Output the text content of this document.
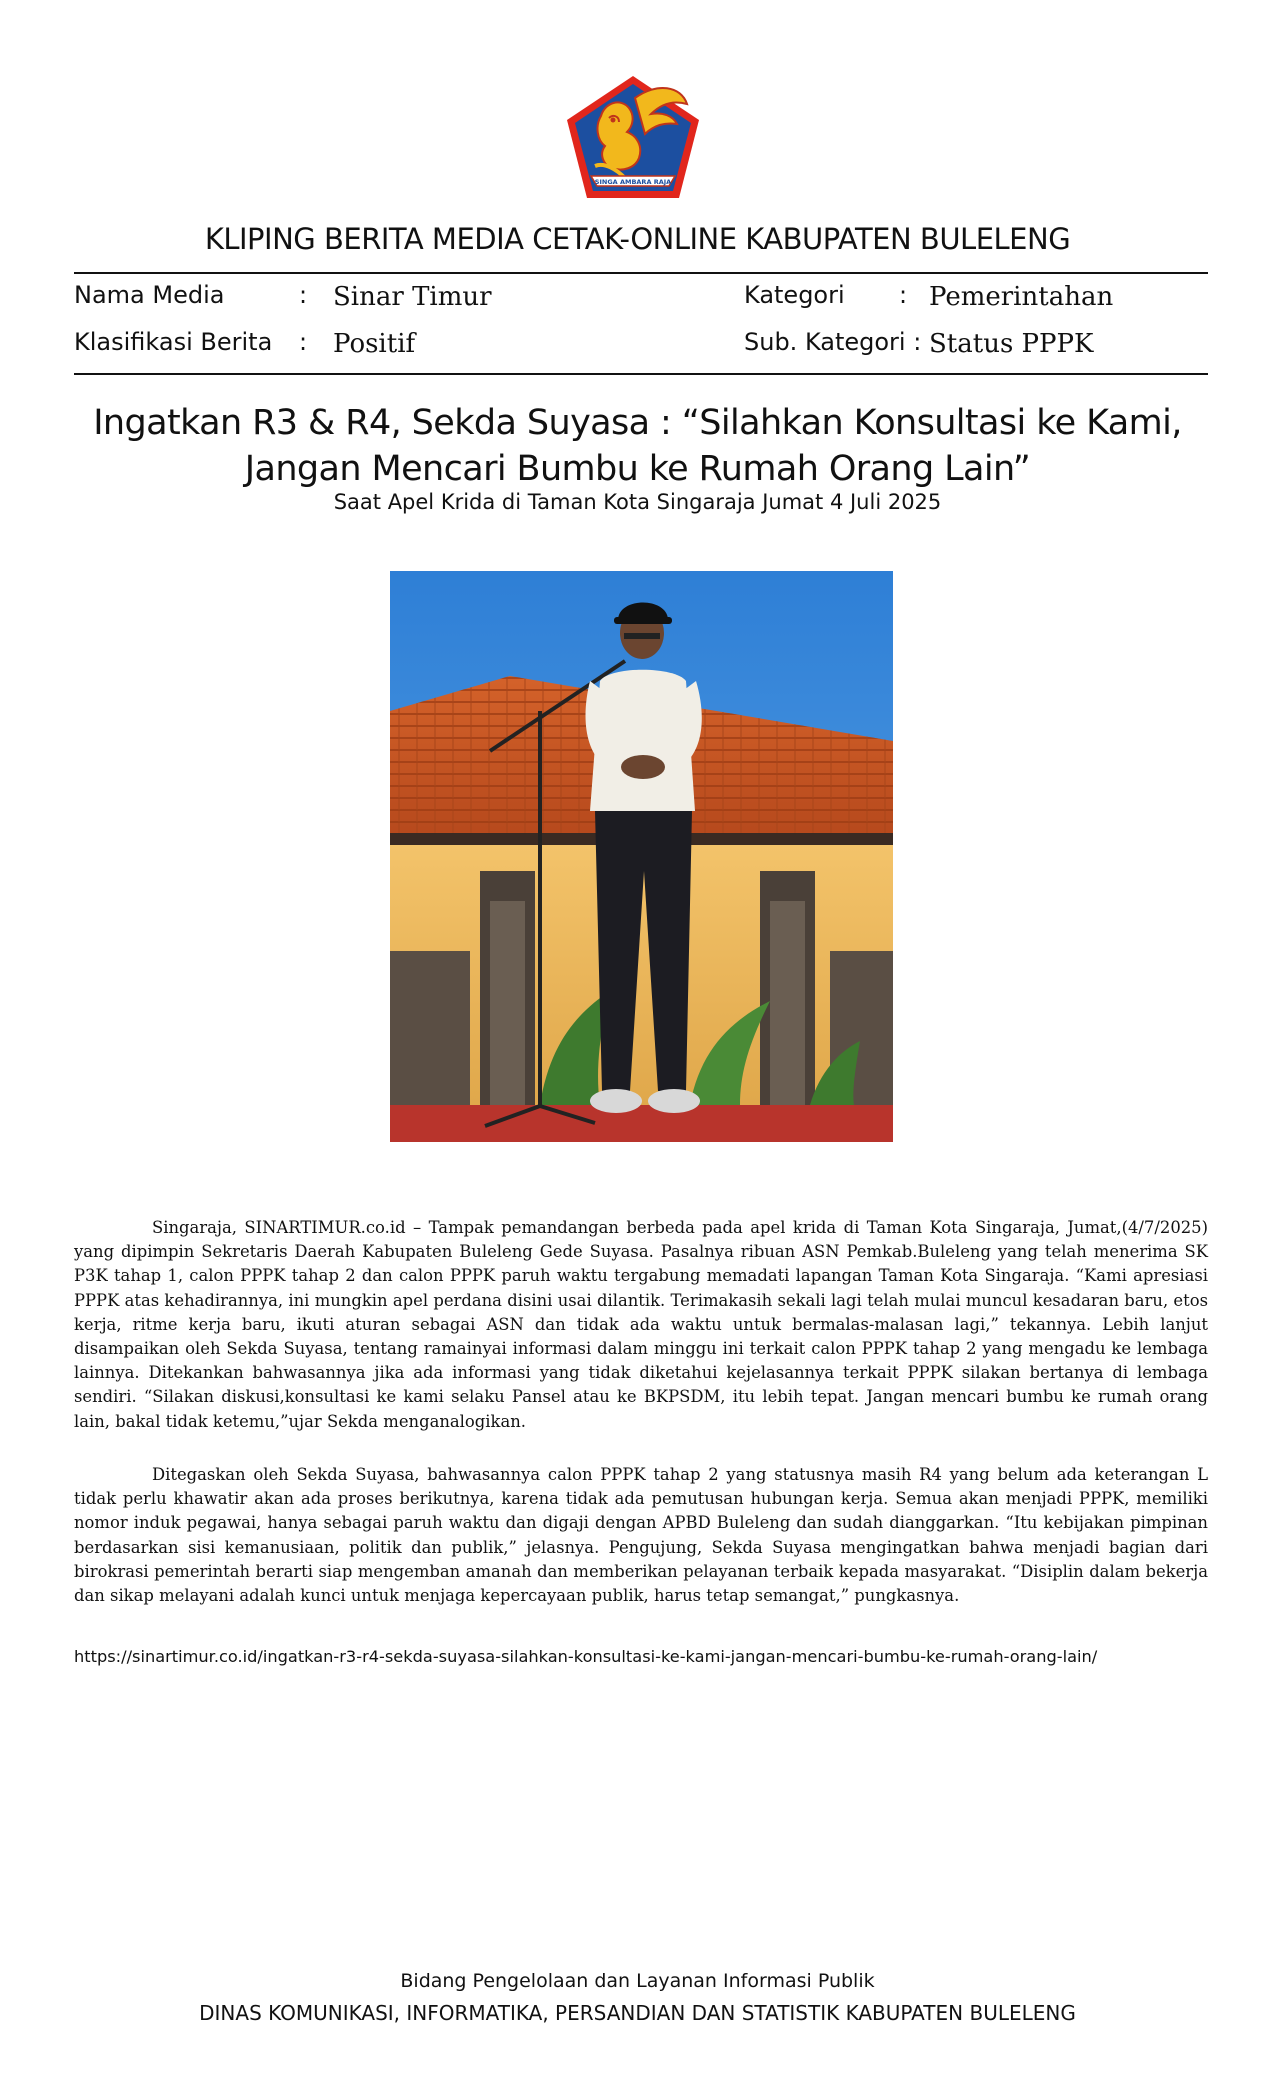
SINGA AMBARA RAJA
KLIPING BERITA MEDIA CETAK-ONLINE KABUPATEN BULELENG
Nama Media	: Sinar Timur
Klasifikasi Berita : Positif
Kategori : Pemerintahan
Sub. Kategori : Status PPPK
Ingatkan R3 & R4, Sekda Suyasa : “Silahkan Konsultasi ke Kami,
Jangan Mencari Bumbu ke Rumah Orang Lain”
Saat Apel Krida di Taman Kota Singaraja Jumat 4 Juli 2025

Singaraja, SINARTIMUR.co.id – Tampak pemandangan berbeda pada apel krida di Taman Kota Singaraja, Jumat,(4/7/2025) yang dipimpin Sekretaris Daerah Kabupaten Buleleng Gede Suyasa. Pasalnya ribuan ASN Pemkab.Buleleng yang telah menerima SK P3K tahap 1, calon PPPK tahap 2 dan calon PPPK paruh waktu tergabung memadati lapangan Taman Kota Singaraja. “Kami apresiasi PPPK atas kehadirannya, ini mungkin apel perdana disini usai dilantik. Terimakasih sekali lagi telah mulai muncul kesadaran baru, etos kerja, ritme kerja baru, ikuti aturan sebagai ASN dan tidak ada waktu untuk bermalas-malasan lagi,” tekannya. Lebih lanjut disampaikan oleh Sekda Suyasa, tentang ramainyai informasi dalam minggu ini terkait calon PPPK tahap 2 yang mengadu ke lembaga lainnya. Ditekankan bahwasannya jika ada informasi yang tidak diketahui kejelasannya terkait PPPK silakan bertanya di lembaga sendiri. “Silakan diskusi,konsultasi ke kami selaku Pansel atau ke BKPSDM, itu lebih tepat. Jangan mencari bumbu ke rumah orang lain, bakal tidak ketemu,”ujar Sekda menganalogikan.

Ditegaskan oleh Sekda Suyasa, bahwasannya calon PPPK tahap 2 yang statusnya masih R4 yang belum ada keterangan L tidak perlu khawatir akan ada proses berikutnya, karena tidak ada pemutusan hubungan kerja. Semua akan menjadi PPPK, memiliki nomor induk pegawai, hanya sebagai paruh waktu dan digaji dengan APBD Buleleng dan sudah dianggarkan. “Itu kebijakan pimpinan berdasarkan sisi kemanusiaan, politik dan publik,” jelasnya. Pengujung, Sekda Suyasa mengingatkan bahwa menjadi bagian dari birokrasi pemerintah berarti siap mengemban amanah dan memberikan pelayanan terbaik kepada masyarakat. “Disiplin dalam bekerja dan sikap melayani adalah kunci untuk menjaga kepercayaan publik, harus tetap semangat,” pungkasnya.

https://sinartimur.co.id/ingatkan-r3-r4-sekda-suyasa-silahkan-konsultasi-ke-kami-jangan-mencari-bumbu-ke-rumah-orang-lain/
Bidang Pengelolaan dan Layanan Informasi Publik
DINAS KOMUNIKASI, INFORMATIKA, PERSANDIAN DAN STATISTIK KABUPATEN BULELENG
